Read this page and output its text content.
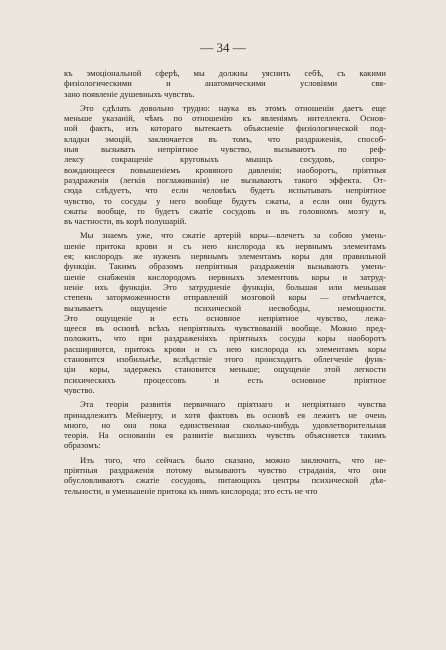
— 34 —
къ эмоціональной сферѣ, мы должны уяснить себѣ, съ какими
физіологическими и анатомическими условіями свя-
зано появленіе душевныхъ чувствъ.
Это сдѣлать довольно трудно: наука въ этомъ отношеніи даетъ еще
меньше указаній, чѣмъ по отношенію къ явленіямъ интеллекта. Основ-
ной фактъ, изъ котораго вытекаетъ объясненіе физіологической под-
кладки эмоцій, заключается въ томъ, что раздраженія, способ-
ныя вызывать непріятное чувство, вызываютъ по реф-
лексу сокращеніе круговыхъ мышцъ сосудовъ, сопро-
вождающееся повышеніемъ кровяного давленія; наоборотъ, пріятныя
раздраженія (легкія поглаживанія) не вызываютъ такого эффекта. От-
сюда слѣдуетъ, что если человѣкъ будетъ испытывать непріятное
чувство, то сосуды у него вообще будутъ сжаты, а если они будутъ
сжаты вообще, то будетъ сжатіе сосудовъ и въ головномъ мозгу и,
въ частности, въ корѣ полушарій.
Мы знаемъ уже, что сжатіе артерій коры—влечетъ за собою умень-
шеніе притока крови и съ нею кислорода къ нервнымъ элементамъ
ея; кислородъ же нуженъ нервнымъ элементамъ коры для правильной
функціи. Такимъ образомъ непріятныя раздраженія вызываютъ умень-
шеніе снабженія кислородомъ нервныхъ элементовъ коры и затруд-
неніе ихъ функціи. Это затрудненіе функціи, большая или меньшая
степень заторможенности отправленій мозговой коры — отмѣчается,
вызываетъ ощущеніе психической несвободы, немощности.
Это ощущеніе и есть основное непріятное чувство, лежа-
щееся въ основѣ всѣхъ непріятныхъ чувствованій вообще. Можно пред-
положить, что при раздраженіяхъ пріятныхъ сосуды коры наоборотъ
расширяются, притокъ крови и съ нею кислорода къ элементамъ коры
становится изобильнѣе, вслѣдствіе этого происходитъ облегченіе функ-
ціи коры, задержекъ становится меньше; ощущеніе этой легкости
психическихъ процессовъ и есть основное пріятное
чувство.
Эта теорія развитія первичнаго пріятнаго и непріятнаго чувства
принадлежитъ Мейнерту, и хотя фактовъ въ основѣ ея лежитъ не очень
много, но она пока единственная сколько-нибудь удовлетворительная
теорія. На основаніи ея развитіе высшихъ чувствъ объясняется такимъ
образомъ:
Изъ того, что сейчасъ было сказано, можно заключить, что не-
пріятныя раздраженія потому вызываютъ чувство страданія, что они
обусловливаютъ сжатіе сосудовъ, питающихъ центры психической дѣя-
тельности, и уменьшеніе притока къ нимъ кислорода; это есть не что
